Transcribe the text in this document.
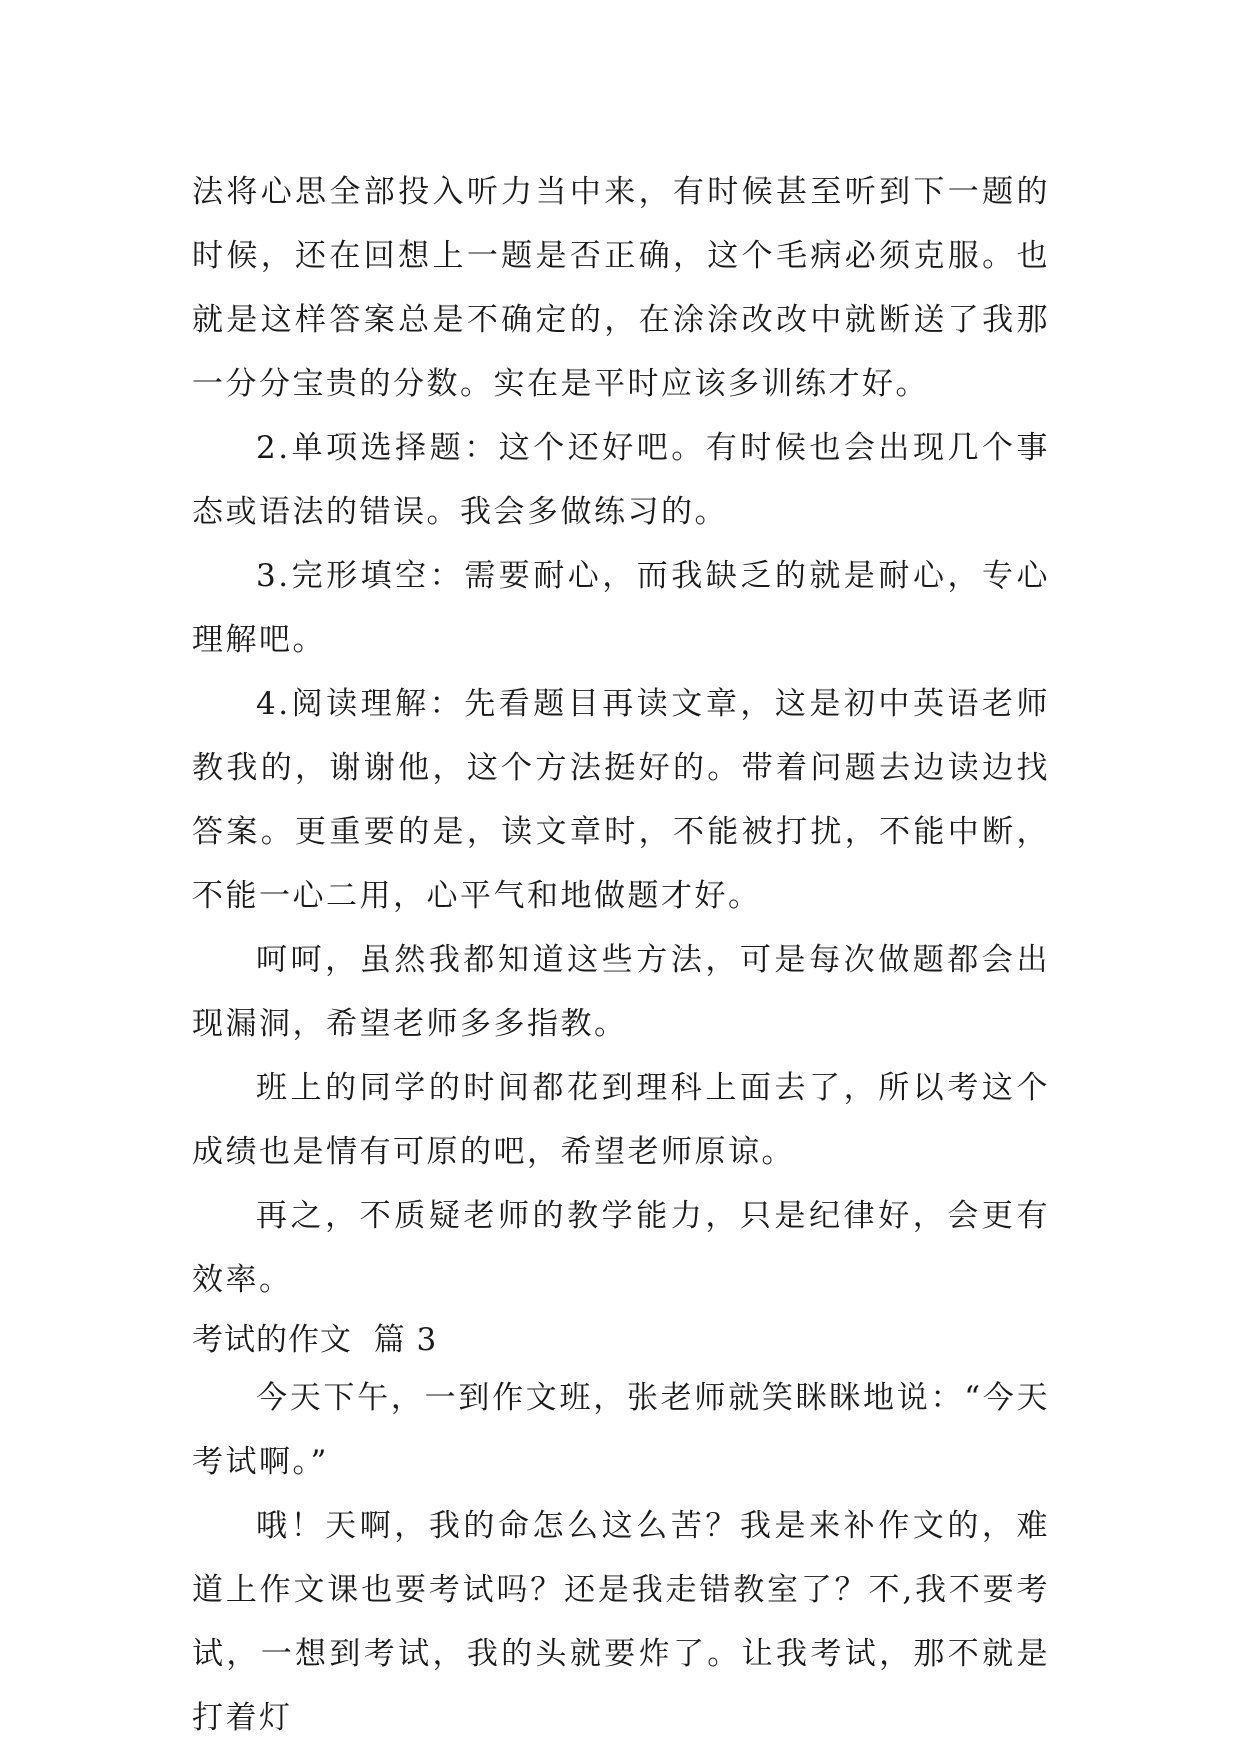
法将心思全部投入听力当中来，有时候甚至听到下一题的时候，还在回想上一题是否正确，这个毛病必须克服。也就是这样答案总是不确定的，在涂涂改改中就断送了我那一分分宝贵的分数。实在是平时应该多训练才好。

2.单项选择题：这个还好吧。有时候也会出现几个事态或语法的错误。我会多做练习的。

3.完形填空：需要耐心，而我缺乏的就是耐心，专心理解吧。

4.阅读理解：先看题目再读文章，这是初中英语老师教我的，谢谢他，这个方法挺好的。带着问题去边读边找答案。更重要的是，读文章时，不能被打扰，不能中断，不能一心二用，心平气和地做题才好。

呵呵，虽然我都知道这些方法，可是每次做题都会出现漏洞，希望老师多多指教。

班上的同学的时间都花到理科上面去了，所以考这个成绩也是情有可原的吧，希望老师原谅。

再之，不质疑老师的教学能力，只是纪律好，会更有效率。

考试的作文  篇 3

今天下午，一到作文班，张老师就笑眯眯地说：“今天考试啊。”

哦！天啊，我的命怎么这么苦？我是来补作文的，难道上作文课也要考试吗？还是我走错教室了？不,我不要考试，一想到考试，我的头就要炸了。让我考试，那不就是打着灯
